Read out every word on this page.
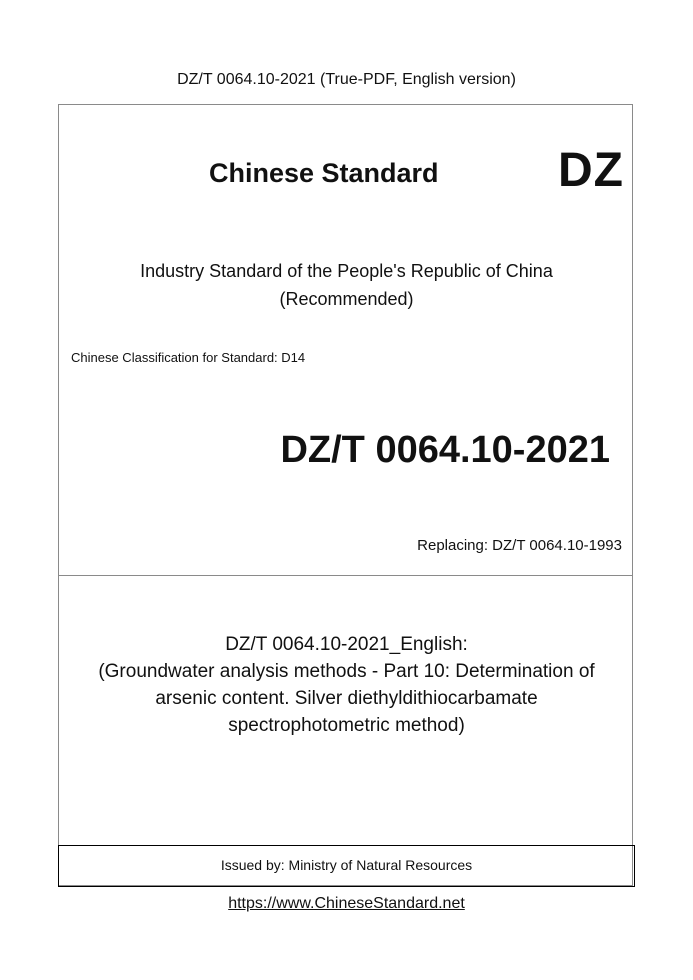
DZ/T 0064.10-2021 (True-PDF, English version)
Chinese Standard DZ
Industry Standard of the People's Republic of China
(Recommended)
Chinese Classification for Standard: D14
DZ/T 0064.10-2021
Replacing: DZ/T 0064.10-1993
DZ/T 0064.10-2021_English:
(Groundwater analysis methods - Part 10: Determination of
arsenic content. Silver diethyldithiocarbamate
spectrophotometric method)
Issued by: Ministry of Natural Resources
https://www.ChineseStandard.net
